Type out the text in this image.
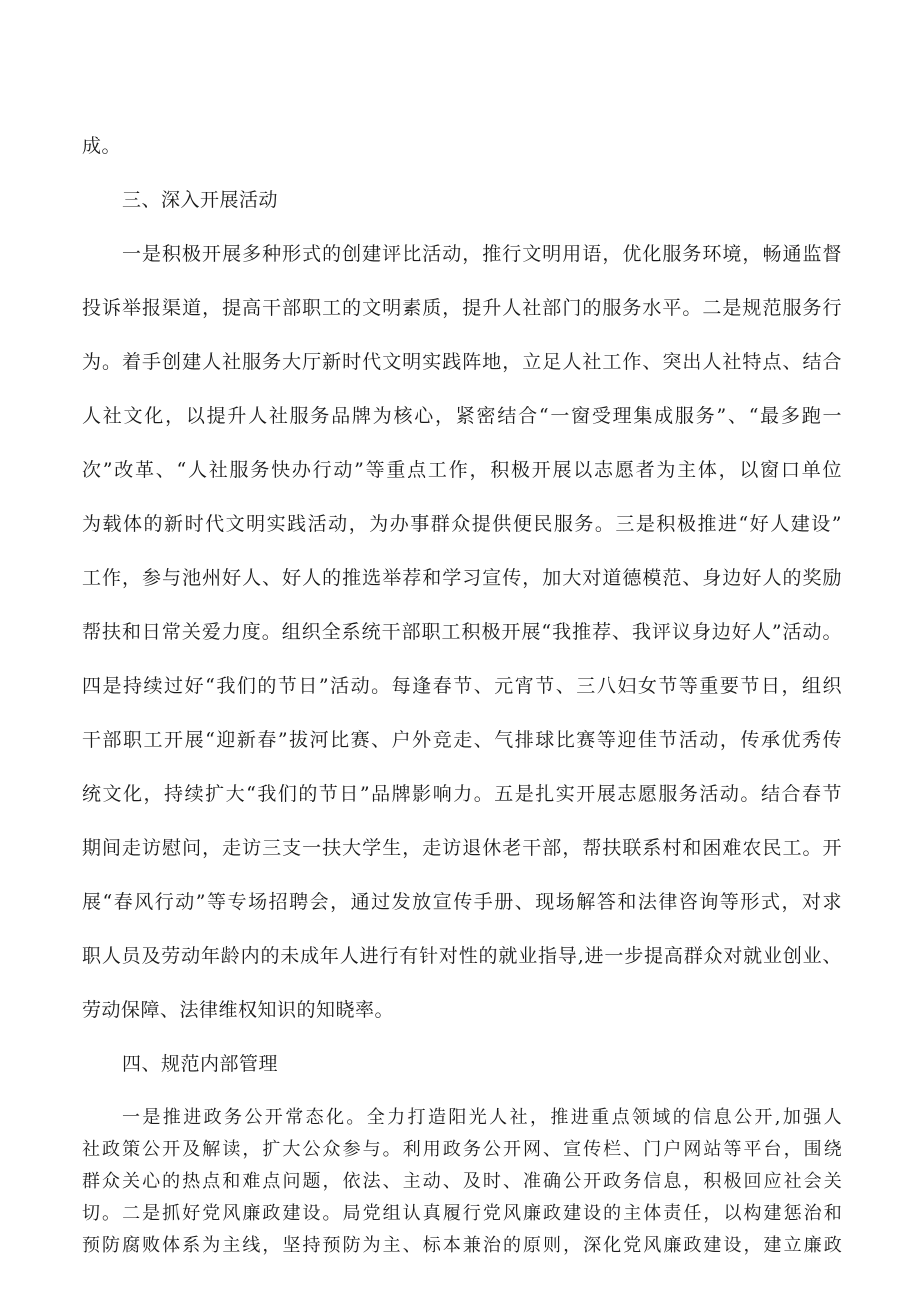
成。
三、深入开展活动
一是积极开展多种形式的创建评比活动，推行文明用语，优化服务环境，畅通监督
投诉举报渠道，提高干部职工的文明素质，提升人社部门的服务水平。二是规范服务行
为。着手创建人社服务大厅新时代文明实践阵地，立足人社工作、突出人社特点、结合
人社文化，以提升人社服务品牌为核心，紧密结合“一窗受理集成服务”、“最多跑一
次”改革、“人社服务快办行动”等重点工作，积极开展以志愿者为主体，以窗口单位
为载体的新时代文明实践活动，为办事群众提供便民服务。三是积极推进“好人建设”
工作，参与池州好人、好人的推选举荐和学习宣传，加大对道德模范、身边好人的奖励
帮扶和日常关爱力度。组织全系统干部职工积极开展“我推荐、我评议身边好人”活动。
四是持续过好“我们的节日”活动。每逢春节、元宵节、三八妇女节等重要节日，组织
干部职工开展“迎新春”拔河比赛、户外竞走、气排球比赛等迎佳节活动，传承优秀传
统文化，持续扩大“我们的节日”品牌影响力。五是扎实开展志愿服务活动。结合春节
期间走访慰问，走访三支一扶大学生，走访退休老干部，帮扶联系村和困难农民工。开
展“春风行动”等专场招聘会，通过发放宣传手册、现场解答和法律咨询等形式，对求
职人员及劳动年龄内的未成年人进行有针对性的就业指导,进一步提高群众对就业创业、
劳动保障、法律维权知识的知晓率。
四、规范内部管理
一是推进政务公开常态化。全力打造阳光人社，推进重点领域的信息公开,加强人
社政策公开及解读，扩大公众参与。利用政务公开网、宣传栏、门户网站等平台，围绕
群众关心的热点和难点问题，依法、主动、及时、准确公开政务信息，积极回应社会关
切。二是抓好党风廉政建设。局党组认真履行党风廉政建设的主体责任，以构建惩治和
预防腐败体系为主线，坚持预防为主、标本兼治的原则，深化党风廉政建设，建立廉政
